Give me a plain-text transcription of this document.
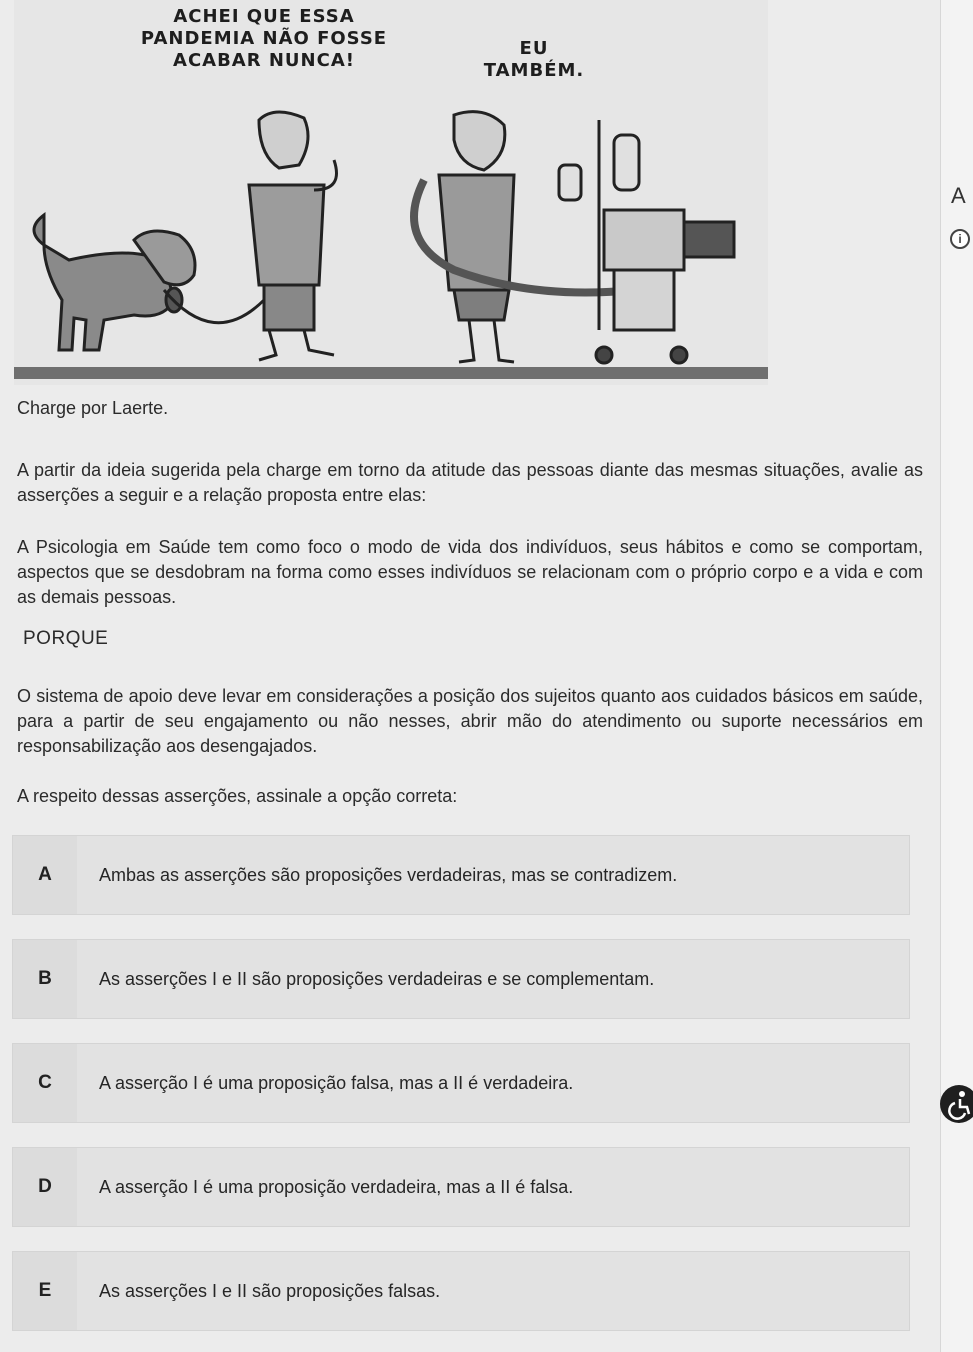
ACHEI QUE ESSA PANDEMIA NÃO FOSSE ACABAR NUNCA!
EU TAMBÉM.
Charge por Laerte.

A partir da ideia sugerida pela charge em torno da atitude das pessoas diante das mesmas situações, avalie as asserções a seguir e a relação proposta entre elas:

A Psicologia em Saúde tem como foco o modo de vida dos indivíduos, seus hábitos e como se comportam, aspectos que se desdobram na forma como esses indivíduos se relacionam com o próprio corpo e a vida e com as demais pessoas.

PORQUE

O sistema de apoio deve levar em considerações a posição dos sujeitos quanto aos cuidados básicos em saúde, para a partir de seu engajamento ou não nesses, abrir mão do atendimento ou suporte necessários em responsabilização aos desengajados.

A respeito dessas asserções, assinale a opção correta:

A	Ambas as asserções são proposições verdadeiras, mas se contradizem.
B	As asserções I e II são proposições verdadeiras e se complementam.
C	A asserção I é uma proposição falsa, mas a II é verdadeira.
D	A asserção I é uma proposição verdadeira, mas a II é falsa.
E	As asserções I e II são proposições falsas.
A
i
